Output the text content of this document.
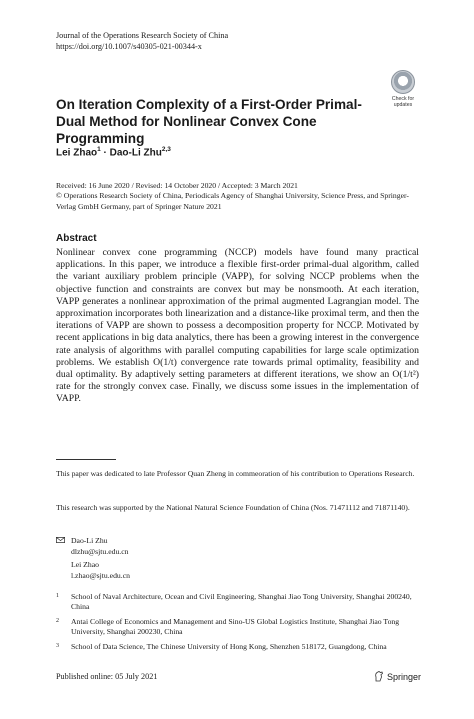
Journal of the Operations Research Society of China
https://doi.org/10.1007/s40305-021-00344-x
Check for
updates
On Iteration Complexity of a First-Order Primal-Dual Method for Nonlinear Convex Cone Programming
Lei Zhao$^1$ · Dao-Li Zhu$^{2,3}$
Received: 16 June 2020 / Revised: 14 October 2020 / Accepted: 3 March 2021
© Operations Research Society of China, Periodicals Agency of Shanghai University, Science Press, and Springer-Verlag GmbH Germany, part of Springer Nature 2021
Abstract
Nonlinear convex cone programming (NCCP) models have found many practical applications. In this paper, we introduce a flexible first-order primal-dual algorithm, called the variant auxiliary problem principle (VAPP), for solving NCCP problems when the objective function and constraints are convex but may be nonsmooth. At each iteration, VAPP generates a nonlinear approximation of the primal augmented Lagrangian model. The approximation incorporates both linearization and a distance-like proximal term, and then the iterations of VAPP are shown to possess a decomposition property for NCCP. Motivated by recent applications in big data analytics, there has been a growing interest in the convergence rate analysis of algorithms with parallel computing capabilities for large scale optimization problems. We establish O(1/t) convergence rate towards primal optimality, feasibility and dual optimality. By adaptively setting parameters at different iterations, we show an O(1/t²) rate for the strongly convex case. Finally, we discuss some issues in the implementation of VAPP.
This paper was dedicated to late Professor Quan Zheng in commeoration of his contribution to Operations Research.
This research was supported by the National Natural Science Foundation of China (Nos. 71471112 and 71871140).
Dao-Li Zhu
dlzhu@sjtu.edu.cn
Lei Zhao
l.zhao@sjtu.edu.cn
1 School of Naval Architecture, Ocean and Civil Engineering, Shanghai Jiao Tong University, Shanghai 200240, China
2 Antai College of Economics and Management and Sino-US Global Logistics Institute, Shanghai Jiao Tong University, Shanghai 200230, China
3 School of Data Science, The Chinese University of Hong Kong, Shenzhen 518172, Guangdong, China
Published online: 05 July 2021	Springer
